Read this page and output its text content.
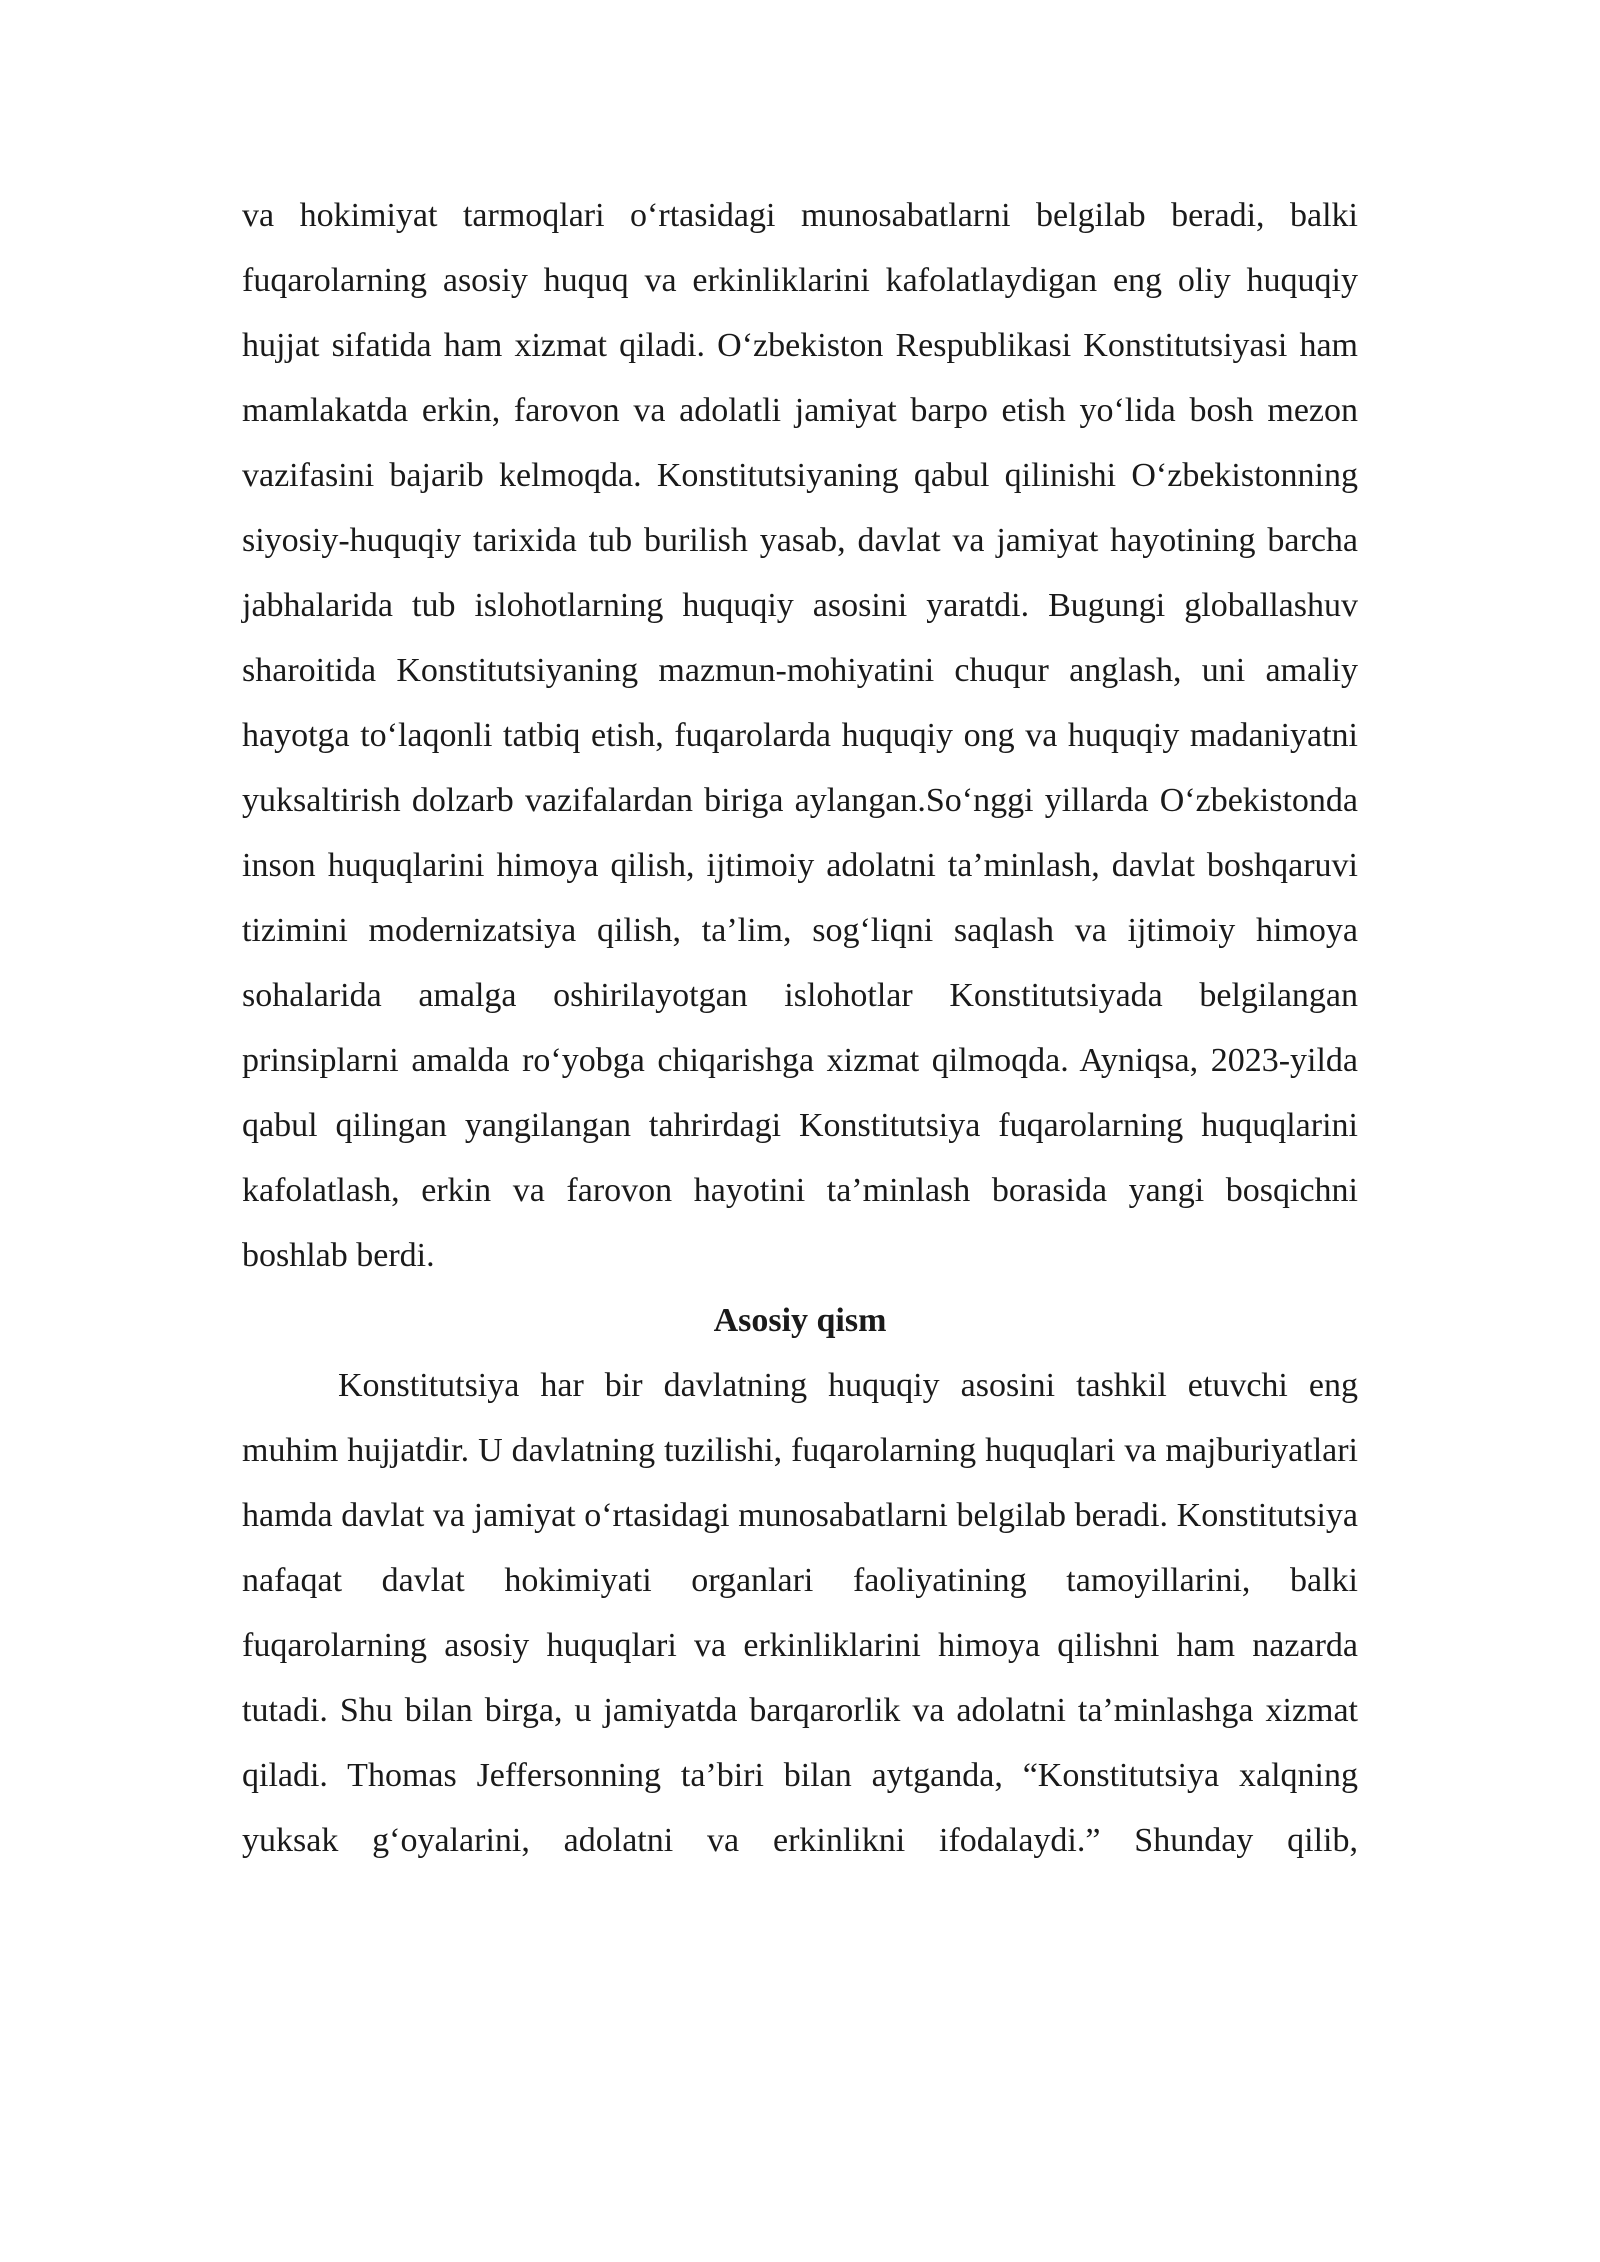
va hokimiyat tarmoqlari o‘rtasidagi munosabatlarni belgilab beradi, balki fuqarolarning asosiy huquq va erkinliklarini kafolatlaydigan eng oliy huquqiy hujjat sifatida ham xizmat qiladi. O‘zbekiston Respublikasi Konstitutsiyasi ham mamlakatda erkin, farovon va adolatli jamiyat barpo etish yo‘lida bosh mezon vazifasini bajarib kelmoqda. Konstitutsiyaning qabul qilinishi O‘zbekistonning siyosiy-huquqiy tarixida tub burilish yasab, davlat va jamiyat hayotining barcha jabhalarida tub islohotlarning huquqiy asosini yaratdi. Bugungi globallashuv sharoitida Konstitutsiyaning mazmun-mohiyatini chuqur anglash, uni amaliy hayotga to‘laqonli tatbiq etish, fuqarolarda huquqiy ong va huquqiy madaniyatni yuksaltirish dolzarb vazifalardan biriga aylangan.So‘nggi yillarda O‘zbekistonda inson huquqlarini himoya qilish, ijtimoiy adolatni ta’minlash, davlat boshqaruvi tizimini modernizatsiya qilish, ta’lim, sog‘liqni saqlash va ijtimoiy himoya sohalarida amalga oshirilayotgan islohotlar Konstitutsiyada belgilangan prinsiplarni amalda ro‘yobga chiqarishga xizmat qilmoqda. Ayniqsa, 2023-yilda qabul qilingan yangilangan tahrirdagi Konstitutsiya fuqarolarning huquqlarini kafolatlash, erkin va farovon hayotini ta’minlash borasida yangi bosqichni boshlab berdi.

Asosiy qism

Konstitutsiya har bir davlatning huquqiy asosini tashkil etuvchi eng muhim hujjatdir. U davlatning tuzilishi, fuqarolarning huquqlari va majburiyatlari hamda davlat va jamiyat o‘rtasidagi munosabatlarni belgilab beradi. Konstitutsiya nafaqat davlat hokimiyati organlari faoliyatining tamoyillarini, balki fuqarolarning asosiy huquqlari va erkinliklarini himoya qilishni ham nazarda tutadi. Shu bilan birga, u jamiyatda barqarorlik va adolatni ta’minlashga xizmat qiladi. Thomas Jeffersonning ta’biri bilan aytganda, “Konstitutsiya xalqning yuksak g‘oyalarini, adolatni va erkinlikni ifodalaydi.” Shunday qilib,
